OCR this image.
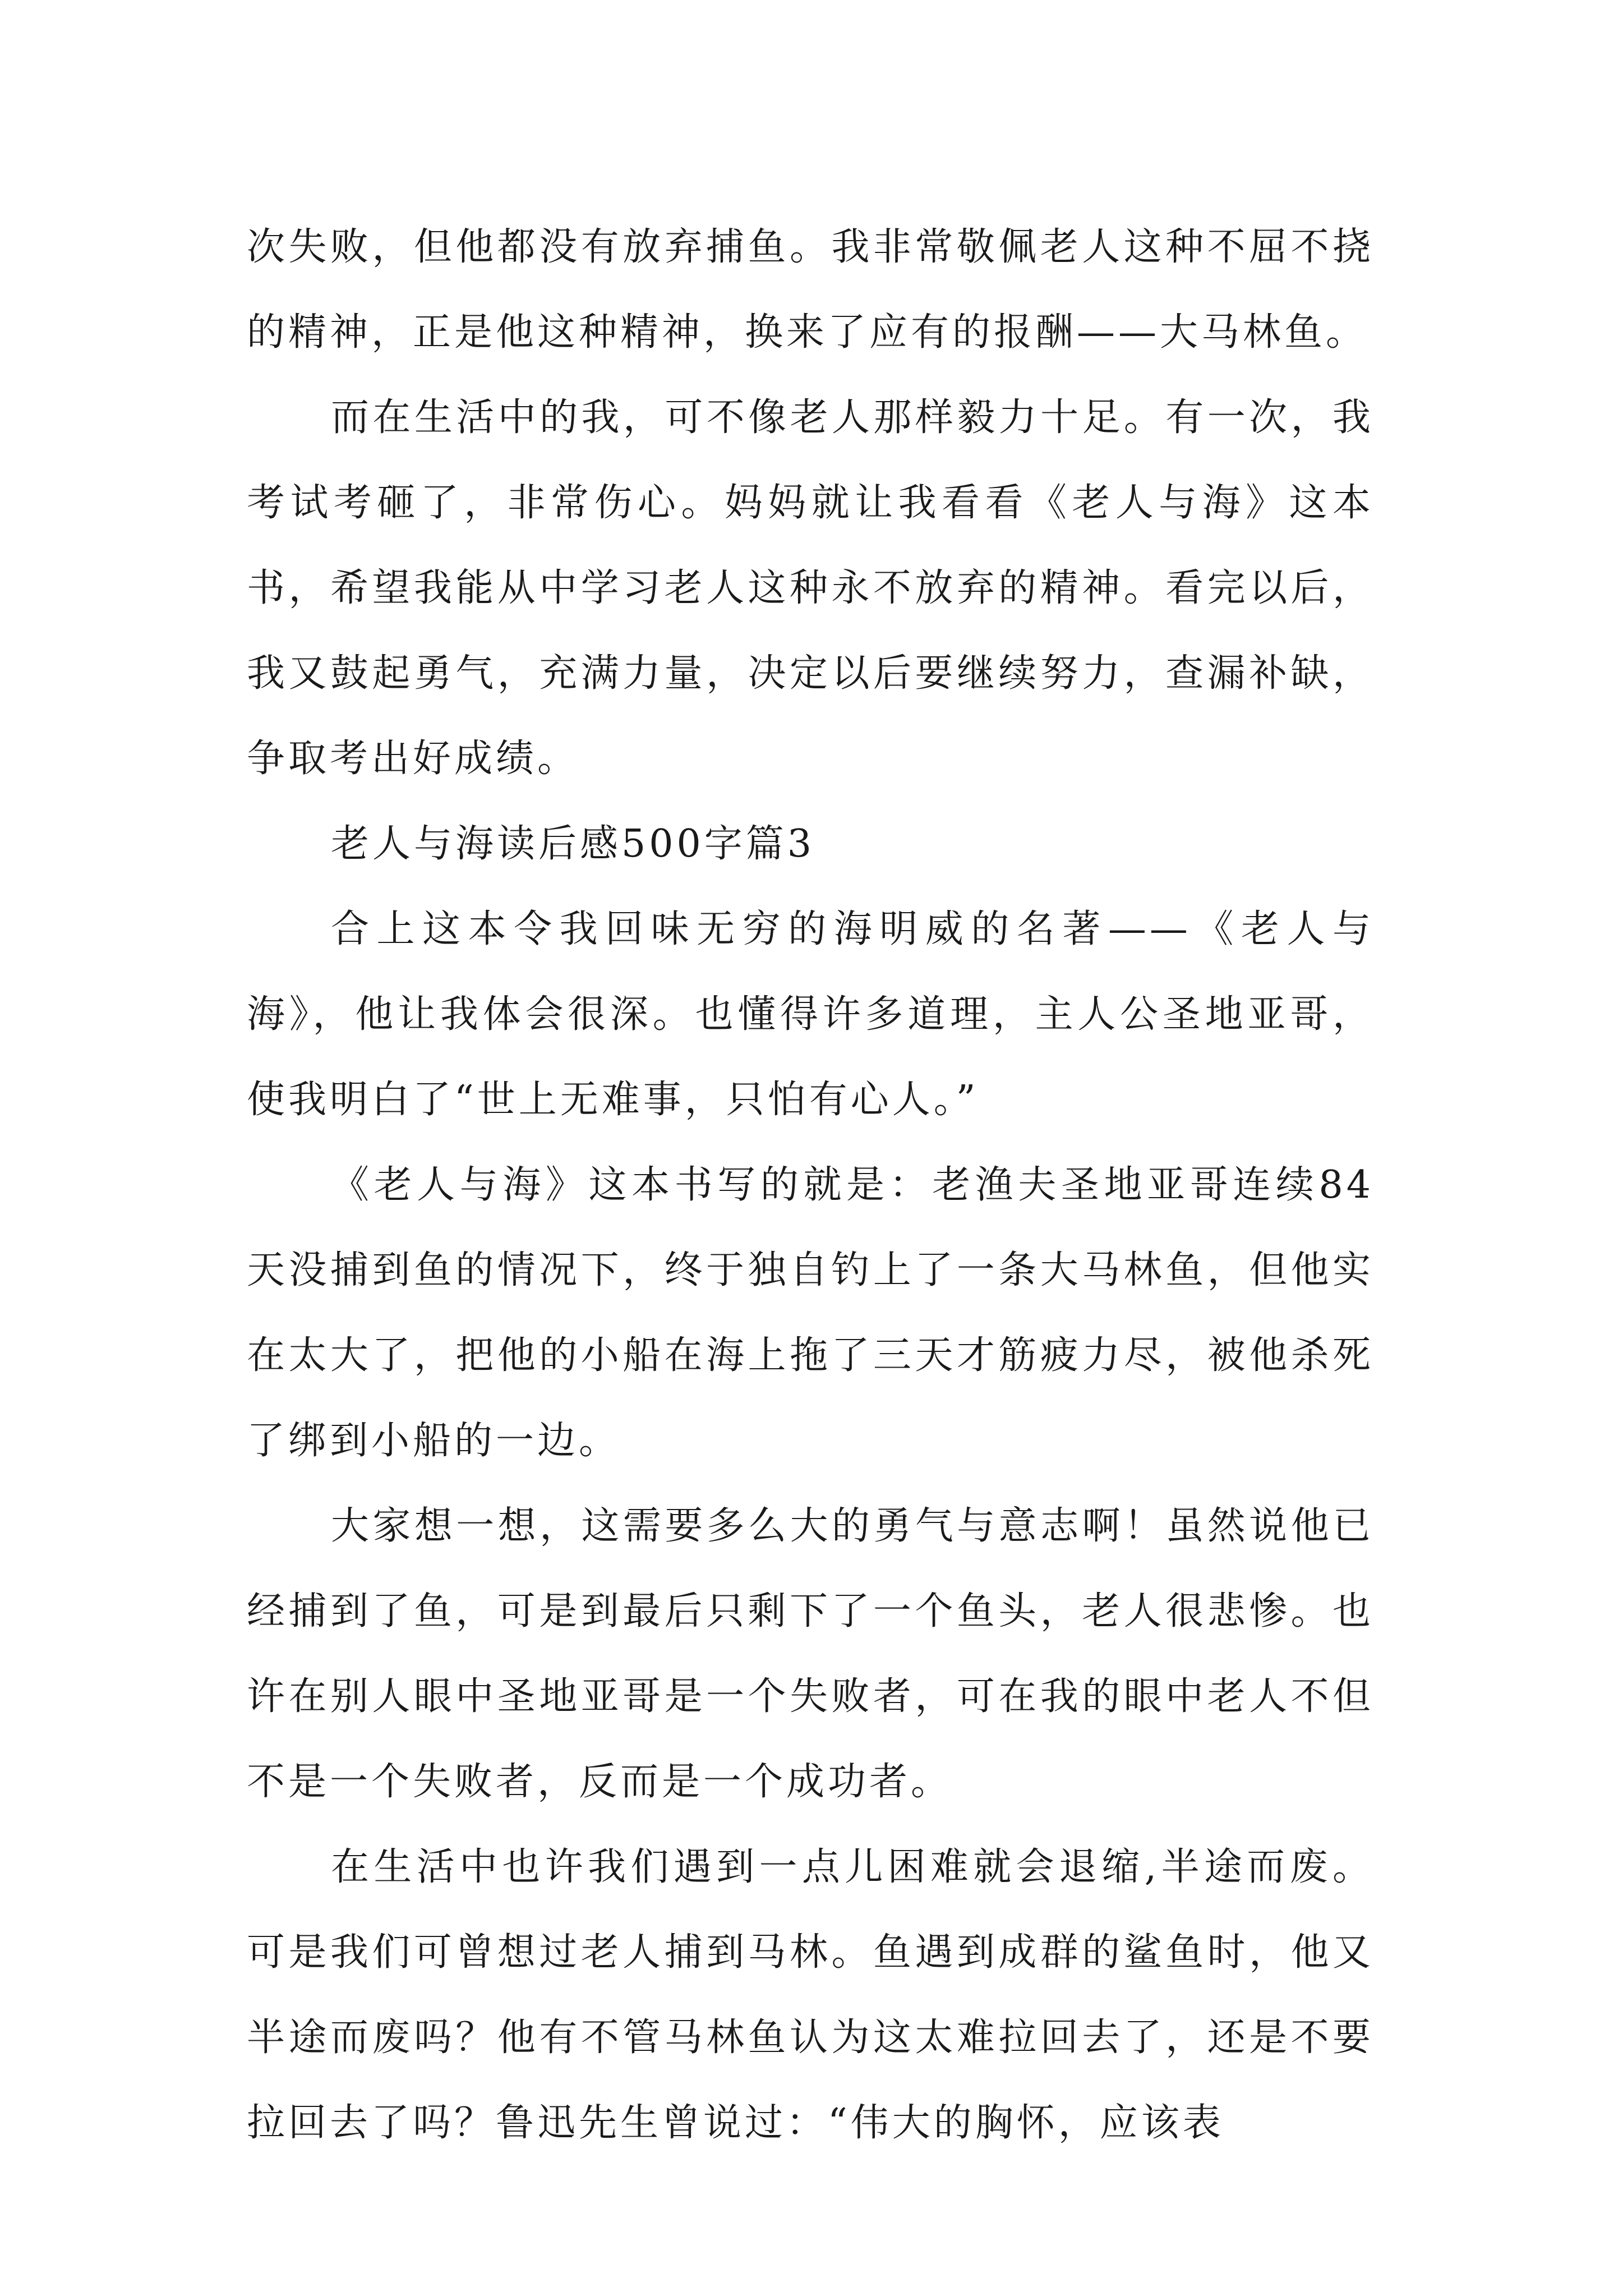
次失败，但他都没有放弃捕鱼。我非常敬佩老人这种不屈不挠的精神，正是他这种精神，换来了应有的报酬——大马林鱼。

而在生活中的我，可不像老人那样毅力十足。有一次，我考试考砸了，非常伤心。妈妈就让我看看《老人与海》这本书，希望我能从中学习老人这种永不放弃的精神。看完以后，我又鼓起勇气，充满力量，决定以后要继续努力，查漏补缺，争取考出好成绩。

老人与海读后感500字篇3

合上这本令我回味无穷的海明威的名著——《老人与海》，他让我体会很深。也懂得许多道理，主人公圣地亚哥，使我明白了“世上无难事，只怕有心人。”

《老人与海》这本书写的就是：老渔夫圣地亚哥连续84天没捕到鱼的情况下，终于独自钓上了一条大马林鱼，但他实在太大了，把他的小船在海上拖了三天才筋疲力尽，被他杀死了绑到小船的一边。

大家想一想，这需要多么大的勇气与意志啊！虽然说他已经捕到了鱼，可是到最后只剩下了一个鱼头，老人很悲惨。也许在别人眼中圣地亚哥是一个失败者，可在我的眼中老人不但不是一个失败者，反而是一个成功者。

在生活中也许我们遇到一点儿困难就会退缩,半途而废。可是我们可曾想过老人捕到马林。鱼遇到成群的鲨鱼时，他又半途而废吗？他有不管马林鱼认为这太难拉回去了，还是不要拉回去了吗？鲁迅先生曾说过：“伟大的胸怀，应该表
